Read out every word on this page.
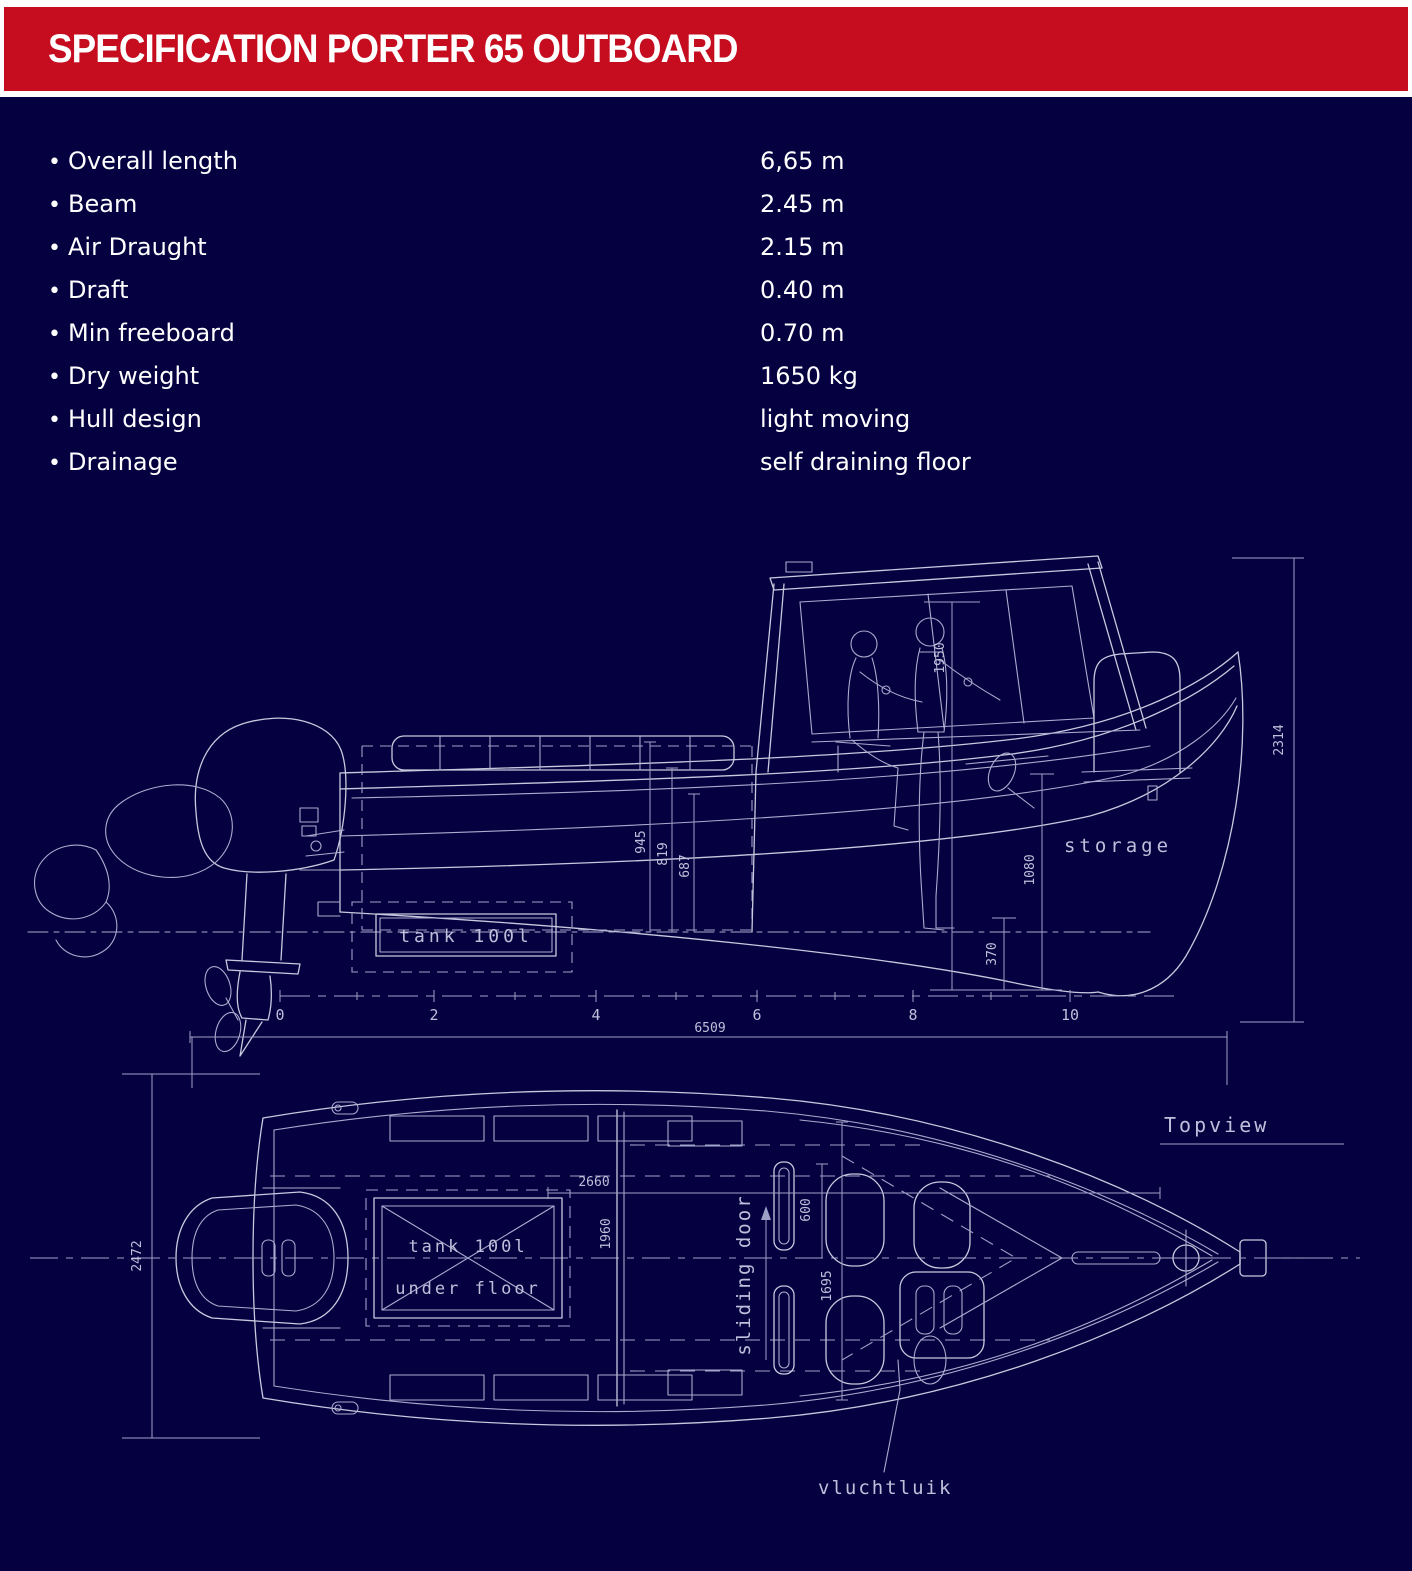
SPECIFICATION PORTER 65 OUTBOARD
• Overall length	6,65 m
• Beam	2.45 m
• Air Draught	2.15 m
• Draft	0.40 m
• Min freeboard	0.70 m
• Dry weight	1650 kg
• Hull design	light moving
• Drainage	self draining floor
tank 100l
storage
945
819
687
1950
1080
370
2314
0	2	4	6	8	10
6509
tank 100l
under floor	sliding door
2472
2660
1960
600
1695
Topview
vluchtluik
